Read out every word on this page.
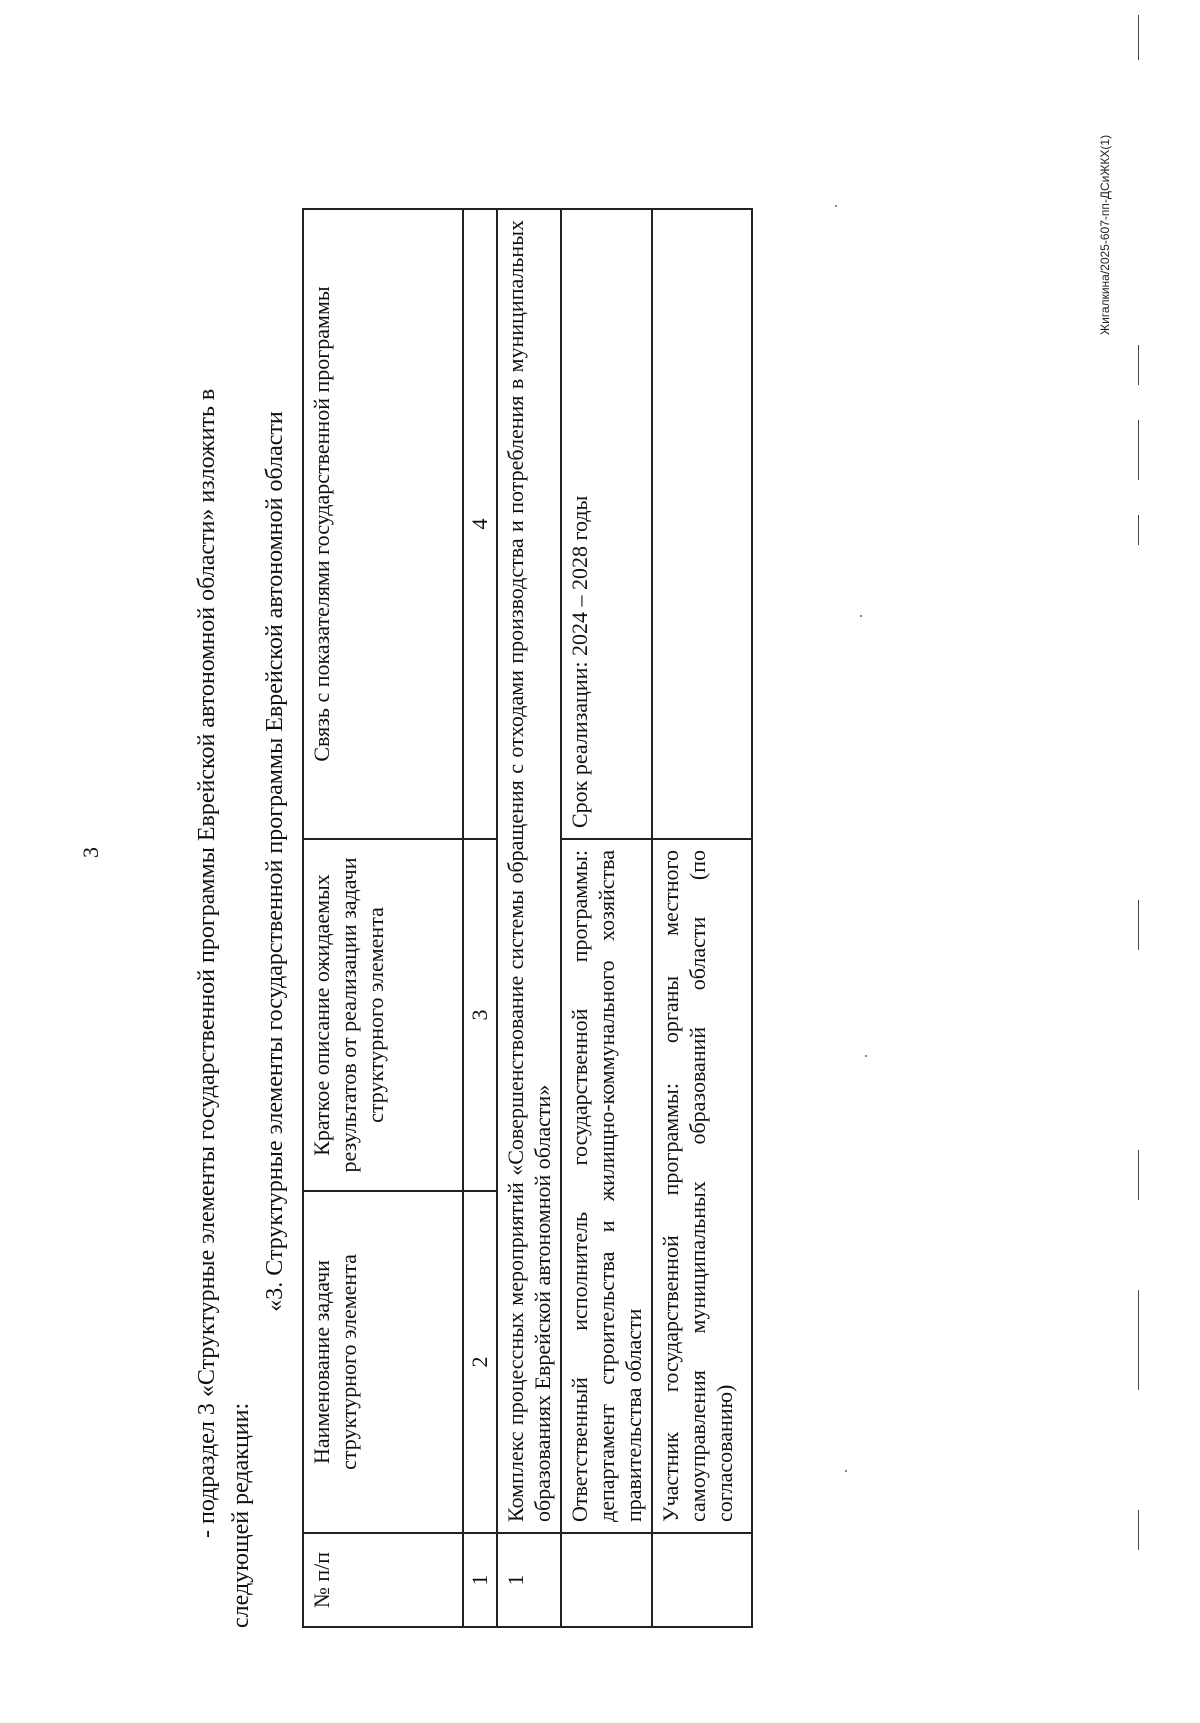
3	- подраздел 3 «Структурные элементы государственной программы Еврейской автономной области» изложить в следующей редакции:
«3. Структурные элементы государственной программы Еврейской автономной области
№ п/п	Наименование задачи структурного элемента	Краткое описание ожидаемых результатов от реализации задачи структурного элемента	Связь с показателями государственной программы
1	2	3	4
1	Комплекс процессных мероприятий «Совершенствование системы обращения с отходами производства и потребления в муниципальных образованиях Еврейской автономной области»		
	Ответственный исполнитель государственной программы: департамент строительства и жилищно-коммунального хозяйства правительства области		Срок реализации: 2024 – 2028 годы
	Участник государственной программы: органы местного самоуправления муниципальных образований области (по согласованию)		
Жигалкина/2025-607-пп-ДСиЖКХ(1)
